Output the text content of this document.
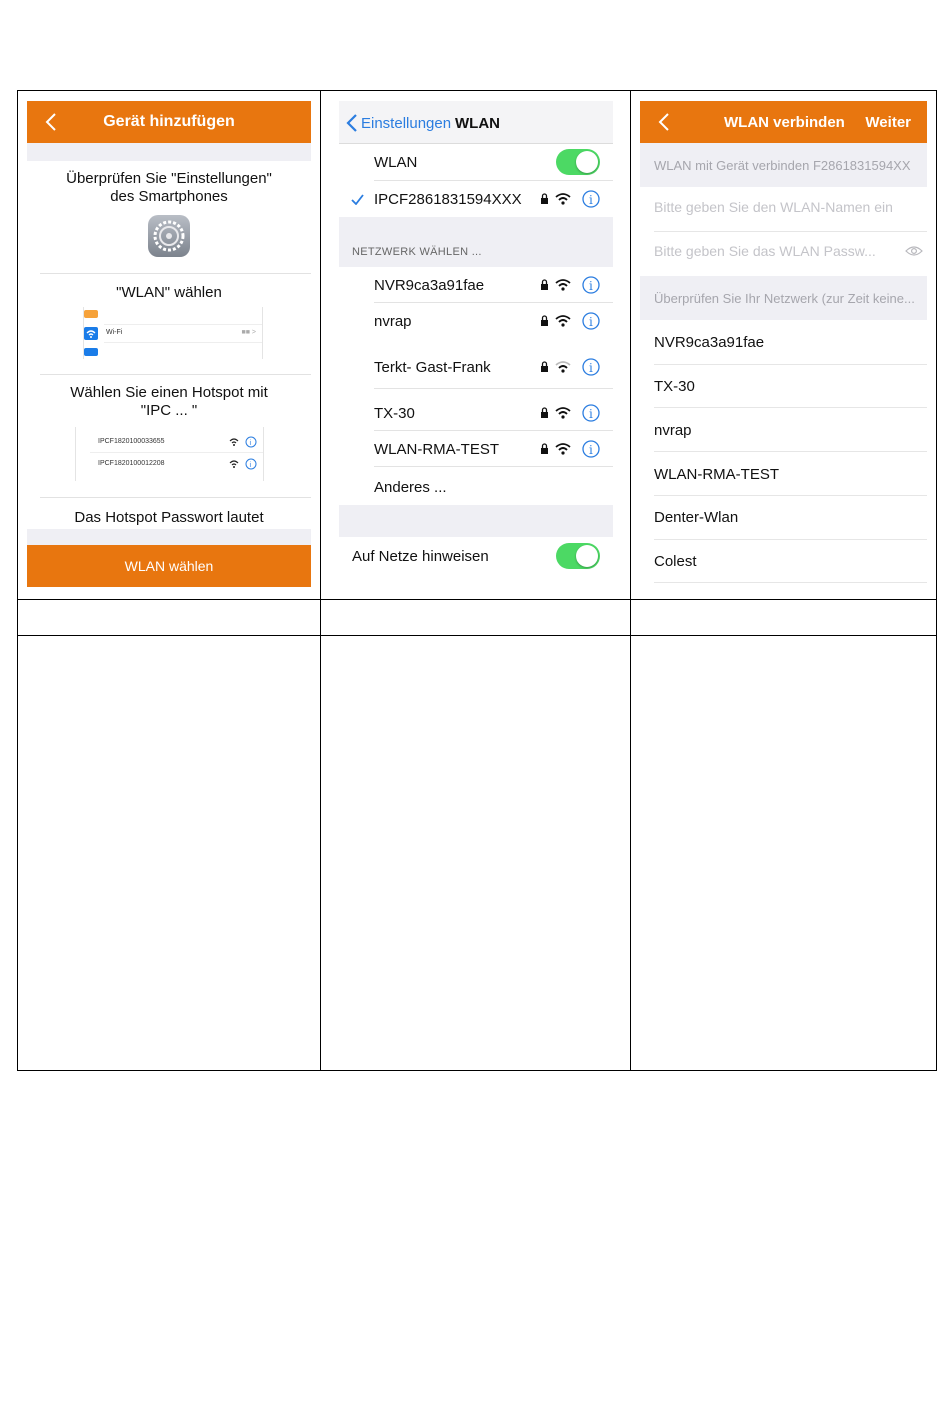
Gerät hinzufügen
Überprüfen Sie "Einstellungen"
des Smartphones
"WLAN" wählen
Wi-Fi	■■ >
Wählen Sie einen Hotspot mit
"IPC ... "
IPCF1820100033655
IPCF1820100012208
i
i
Das Hotspot Passwort lautet
WLAN wählen
Einstellungen WLAN
WLAN
IPCF2861831594XXX	i
NETZWERK WÄHLEN ...
NVR9ca3a91fae	i
nvrap	i
Terkt- Gast-Frank	i
TX-30	i
WLAN-RMA-TEST	i
Anderes ...
Auf Netze hinweisen
WLAN verbinden Weiter
WLAN mit Gerät verbinden F2861831594XX
Bitte geben Sie den WLAN-Namen ein
Bitte geben Sie das WLAN Passw...
Überprüfen Sie Ihr Netzwerk (zur Zeit keine...
NVR9ca3a91fae
TX-30
nvrap
WLAN-RMA-TEST
Denter-Wlan
Colest
